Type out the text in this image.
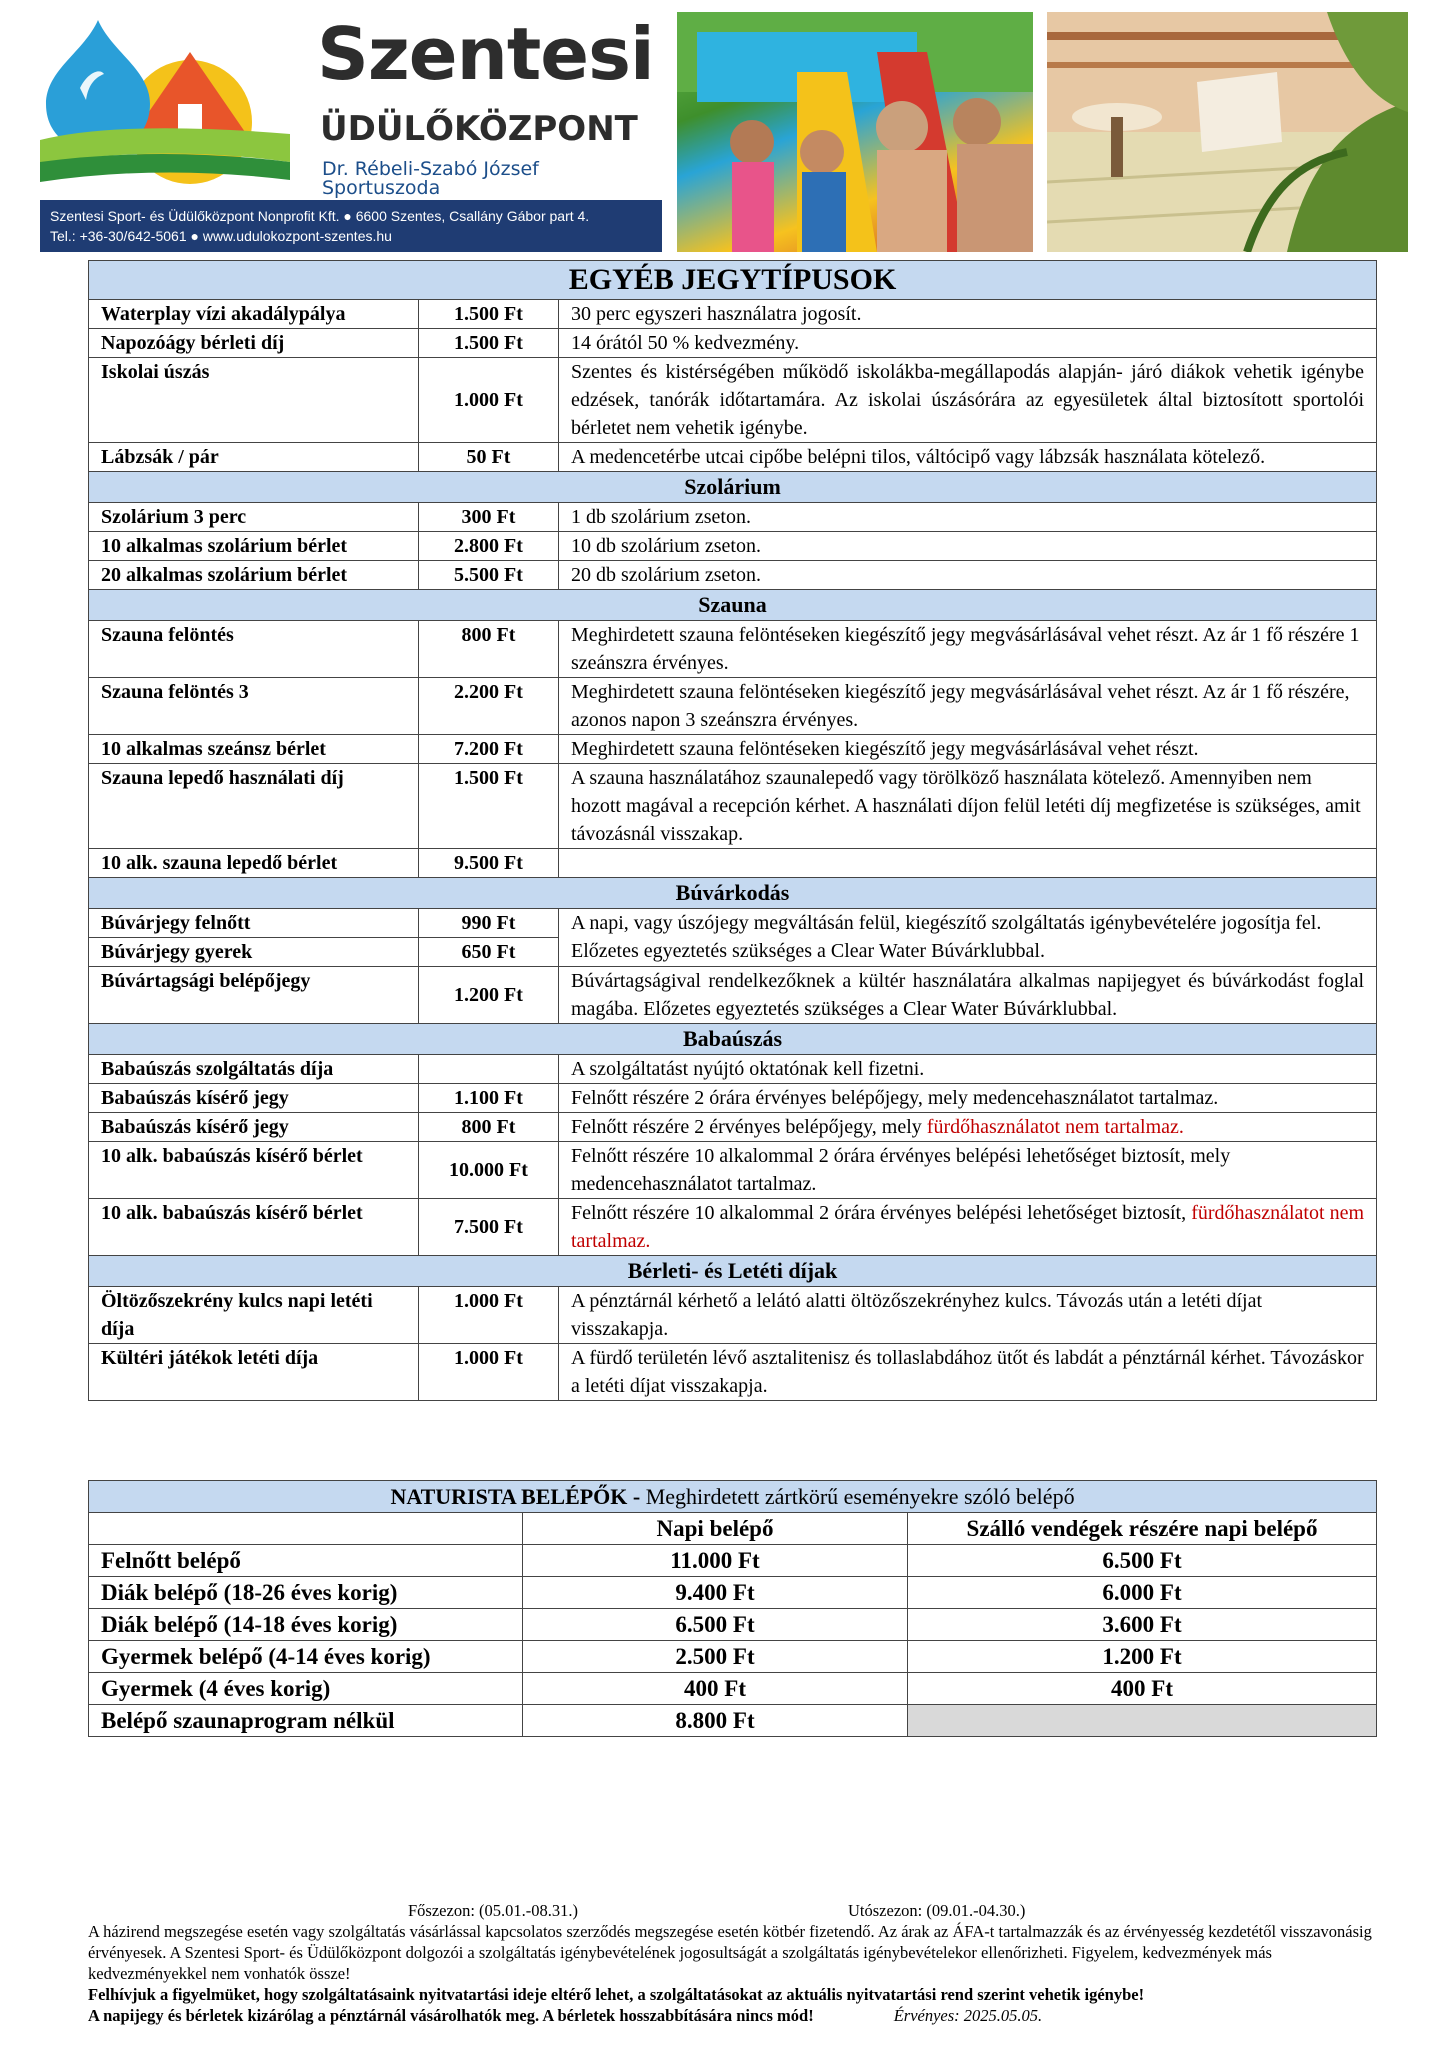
Szentesi
ÜDÜLŐKÖZPONT
Dr. Rébeli-Szabó József Sportuszoda
Szentesi Sport- és Üdülőközpont Nonprofit Kft. ● 6600 Szentes, Csallány Gábor part 4.
Tel.: +36-30/642-5061 ● www.udulokozpont-szentes.hu
EGYÉB JEGYTÍPUSOK		
Waterplay vízi akadálypálya	1.500 Ft	30 perc egyszeri használatra jogosít.
Napozóágy bérleti díj	1.500 Ft	14 órától 50 % kedvezmény.
Iskolai úszás	1.000 Ft	Szentes és kistérségében működő iskolákba-megállapodás alapján- járó diákok vehetik igénybe edzések, tanórák időtartamára. Az iskolai úszásórára az egyesületek által biztosított sportolói bérletet nem vehetik igénybe.
Lábzsák / pár	50 Ft	A medencetérbe utcai cipőbe belépni tilos, váltócipő vagy lábzsák használata kötelező.
Szolárium		
Szolárium 3 perc	300 Ft	1 db szolárium zseton.
10 alkalmas szolárium bérlet	2.800 Ft	10 db szolárium zseton.
20 alkalmas szolárium bérlet	5.500 Ft	20 db szolárium zseton.
Szauna		
Szauna felöntés	800 Ft	Meghirdetett szauna felöntéseken kiegészítő jegy megvásárlásával vehet részt. Az ár 1 fő részére 1 szeánszra érvényes.
Szauna felöntés 3	2.200 Ft	Meghirdetett szauna felöntéseken kiegészítő jegy megvásárlásával vehet részt. Az ár 1 fő részére, azonos napon 3 szeánszra érvényes.
10 alkalmas szeánsz bérlet	7.200 Ft	Meghirdetett szauna felöntéseken kiegészítő jegy megvásárlásával vehet részt.
Szauna lepedő használati díj	1.500 Ft	A szauna használatához szaunalepedő vagy törölköző használata kötelező. Amennyiben nem hozott magával a recepción kérhet. A használati díjon felül letéti díj megfizetése is szükséges, amit távozásnál visszakap.
10 alk. szauna lepedő bérlet	9.500 Ft	
Búvárkodás		
Búvárjegy felnőtt	990 Ft	A napi, vagy úszójegy megváltásán felül, kiegészítő szolgáltatás igénybevételére jogosítja fel. Előzetes egyeztetés szükséges a Clear Water Búvárklubbal.
Búvárjegy gyerek	650 Ft	
Búvártagsági belépőjegy	1.200 Ft	Búvártagságival rendelkezőknek a kültér használatára alkalmas napijegyet és búvárkodást foglal magába. Előzetes egyeztetés szükséges a Clear Water Búvárklubbal.
Babaúszás		
Babaúszás szolgáltatás díja		A szolgáltatást nyújtó oktatónak kell fizetni.
Babaúszás kísérő jegy	1.100 Ft	Felnőtt részére 2 órára érvényes belépőjegy, mely medencehasználatot tartalmaz.
Babaúszás kísérő jegy	800 Ft	Felnőtt részére 2 érvényes belépőjegy, mely fürdőhasználatot nem tartalmaz.
10 alk. babaúszás kísérő bérlet	10.000 Ft	Felnőtt részére 10 alkalommal 2 órára érvényes belépési lehetőséget biztosít, mely medencehasználatot tartalmaz.
10 alk. babaúszás kísérő bérlet	7.500 Ft	Felnőtt részére 10 alkalommal 2 órára érvényes belépési lehetőséget biztosít, fürdőhasználatot nem tartalmaz.
Bérleti- és Letéti díjak		
Öltözőszekrény kulcs napi letéti díja	1.000 Ft	A pénztárnál kérhető a lelátó alatti öltözőszekrényhez kulcs. Távozás után a letéti díjat visszakapja.
Kültéri játékok letéti díja	1.000 Ft	A fürdő területén lévő asztalitenisz és tollaslabdához ütőt és labdát a pénztárnál kérhet. Távozáskor a letéti díjat visszakapja.
NATURISTA BELÉPŐK - Meghirdetett zártkörű eseményekre szóló belépő		
	Napi belépő	Szálló vendégek részére napi belépő
Felnőtt belépő	11.000 Ft	6.500 Ft
Diák belépő (18-26 éves korig)	9.400 Ft	6.000 Ft
Diák belépő (14-18 éves korig)	6.500 Ft	3.600 Ft
Gyermek belépő (4-14 éves korig)	2.500 Ft	1.200 Ft
Gyermek (4 éves korig)	400 Ft	400 Ft
Belépő szaunaprogram nélkül	8.800 Ft	
Főszezon: (05.01.-08.31.)	Utószezon: (09.01.-04.30.)

A házirend megszegése esetén vagy szolgáltatás vásárlással kapcsolatos szerződés megszegése esetén kötbér fizetendő. Az árak az ÁFA-t tartalmazzák és az érvényesség kezdetétől visszavonásig érvényesek. A Szentesi Sport- és Üdülőközpont dolgozói a szolgáltatás igénybevételének jogosultságát a szolgáltatás igénybevételekor ellenőrizheti. Figyelem, kedvezmények más kedvezményekkel nem vonhatók össze!

Felhívjuk a figyelmüket, hogy szolgáltatásaink nyitvatartási ideje eltérő lehet, a szolgáltatásokat az aktuális nyitvatartási rend szerint vehetik igénybe!

A napijegy és bérletek kizárólag a pénztárnál vásárolhatók meg. A bérletek hosszabbítására nincs mód!	Érvényes: 2025.05.05.
